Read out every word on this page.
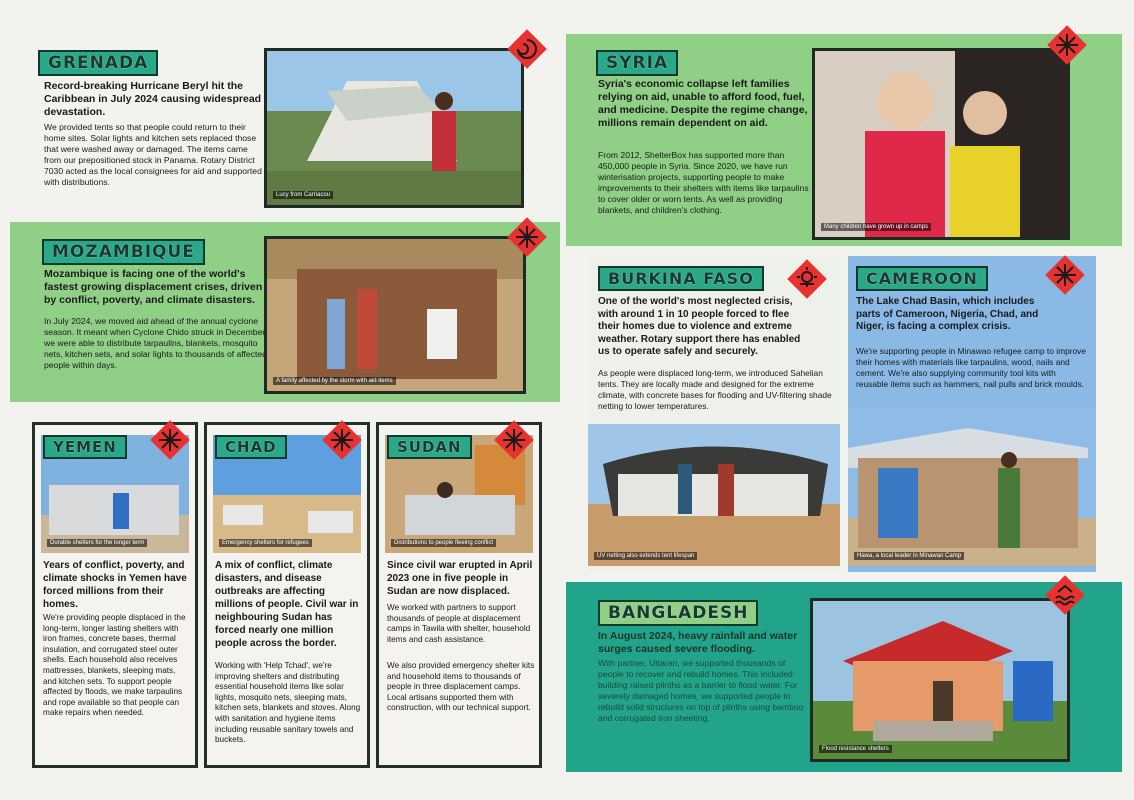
GRENADA
Record-breaking Hurricane Beryl hit the Caribbean in July 2024 causing widespread devastation.
We provided tents so that people could return to their home sites. Solar lights and kitchen sets replaced those that were washed away or damaged. The items came from our prepositioned stock in Panama. Rotary District 7030 acted as the local consignees for aid and supported with distributions.
Lucy from Carriacou
MOZAMBIQUE
Mozambique is facing one of the world's fastest growing displacement crises, driven by conflict, poverty, and climate disasters.
In July 2024, we moved aid ahead of the annual cyclone season. It meant when Cyclone Chido struck in December, we were able to distribute tarpaulins, blankets, mosquito nets, kitchen sets, and solar lights to thousands of affected people within days.
A family affected by the storm with aid items
Durable shelters for the longer term
YEMEN
Years of conflict, poverty, and climate shocks in Yemen have forced millions from their homes.
We're providing people displaced in the long-term, longer lasting shelters with iron frames, concrete bases, thermal insulation, and corrugated steel outer shells. Each household also receives mattresses, blankets, sleeping mats, and kitchen sets. To support people affected by floods, we make tarpaulins and rope available so that people can make repairs when needed.
Emergency shelters for refugees
CHAD
A mix of conflict, climate disasters, and disease outbreaks are affecting millions of people. Civil war in neighbouring Sudan has forced nearly one million people across the border.
Working with 'Help Tchad', we're improving shelters and distributing essential household items like solar lights, mosquito nets, sleeping mats, kitchen sets, blankets and stoves. Along with sanitation and hygiene items including reusable sanitary towels and buckets.
Distributions to people fleeing conflict
SUDAN
Since civil war erupted in April 2023 one in five people in Sudan are now displaced.
We worked with partners to support thousands of people at displacement camps in Tawila with shelter, household items and cash assistance.
We also provided emergency shelter kits and household items to thousands of people in three displacement camps. Local artisans supported them with construction, with our technical support.
SYRIA
Syria's economic collapse left families relying on aid, unable to afford food, fuel, and medicine. Despite the regime change, millions remain dependent on aid.
From 2012, ShelterBox has supported more than 450,000 people in Syria. Since 2020, we have run winterisation projects, supporting people to make improvements to their shelters with items like tarpaulins to cover older or worn tents. As well as providing blankets, and children's clothing.
Many children have grown up in camps
BURKINA FASO
One of the world's most neglected crisis, with around 1 in 10 people forced to flee their homes due to violence and extreme weather. Rotary support there has enabled us to operate safely and securely.
As people were displaced long-term, we introduced Sahelian tents. They are locally made and designed for the extreme climate, with concrete bases for flooding and UV-filtering shade netting to lower temperatures.
UV netting also extends tent lifespan
CAMEROON
The Lake Chad Basin, which includes parts of Cameroon, Nigeria, Chad, and Niger, is facing a complex crisis.
We're supporting people in Minawao refugee camp to improve their homes with materials like tarpaulins, wood, nails and cement. We're also supplying community tool kits with reusable items such as hammers, nail pulls and brick moulds.
Hawa, a local leader in Minawao Camp
BANGLADESH
In August 2024, heavy rainfall and water surges caused severe flooding.
With partner, Uttaran, we supported thousands of people to recover and rebuild homes. This included building raised plinths as a barrier to flood water. For severely damaged homes, we supported people to rebuild solid structures on top of plinths using bamboo and corrugated iron sheeting.
Flood resistance shelters
